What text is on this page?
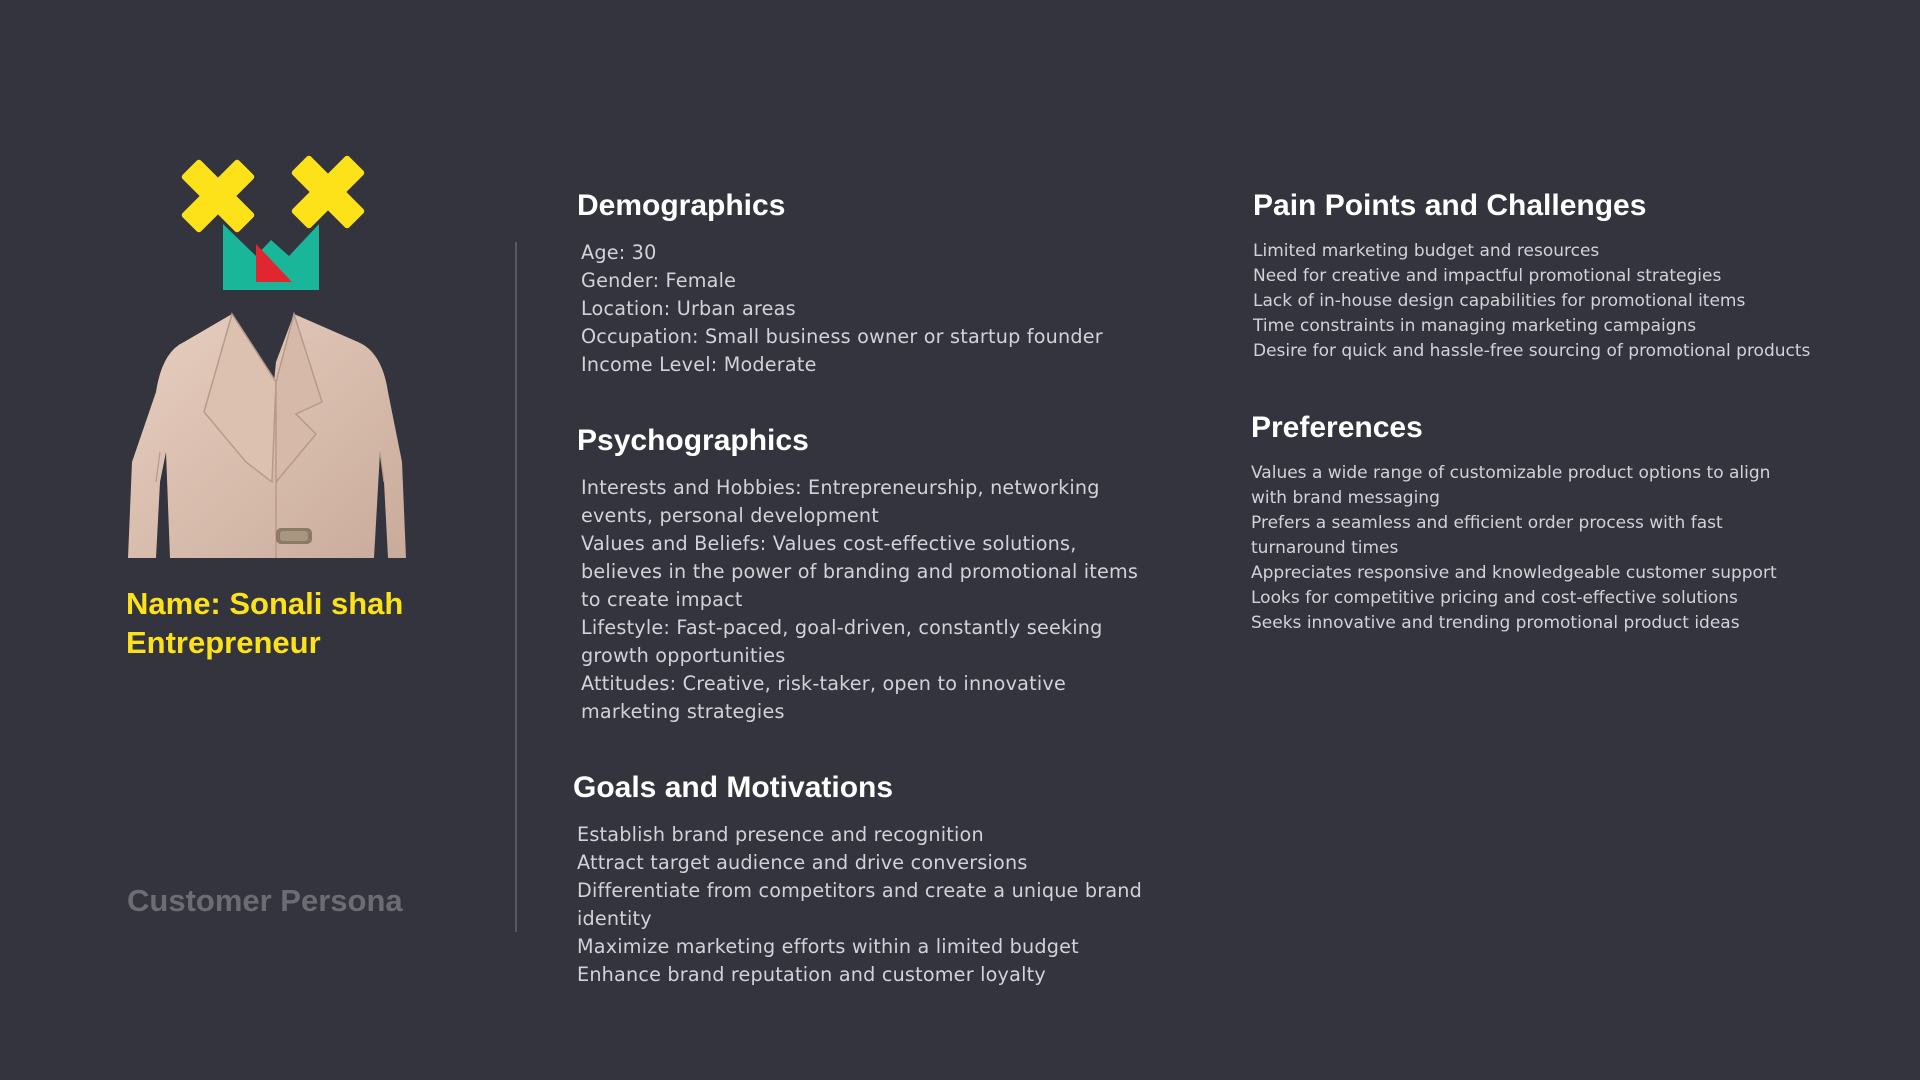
Name: Sonali shah
Entrepreneur
Customer Persona
Demographics
Age: 30
Gender: Female
Location: Urban areas
Occupation: Small business owner or startup founder
Income Level: Moderate
Psychographics
Interests and Hobbies: Entrepreneurship, networking events, personal development
Values and Beliefs: Values cost-effective solutions, believes in the power of branding and promotional items to create impact
Lifestyle: Fast-paced, goal-driven, constantly seeking growth opportunities
Attitudes: Creative, risk-taker, open to innovative marketing strategies
Goals and Motivations
Establish brand presence and recognition
Attract target audience and drive conversions
Differentiate from competitors and create a unique brand identity
Maximize marketing efforts within a limited budget
Enhance brand reputation and customer loyalty
Pain Points and Challenges
Limited marketing budget and resources
Need for creative and impactful promotional strategies
Lack of in-house design capabilities for promotional items
Time constraints in managing marketing campaigns
Desire for quick and hassle-free sourcing of promotional products
Preferences
Values a wide range of customizable product options to align with brand messaging
Prefers a seamless and efficient order process with fast turnaround times
Appreciates responsive and knowledgeable customer support
Looks for competitive pricing and cost-effective solutions
Seeks innovative and trending promotional product ideas
